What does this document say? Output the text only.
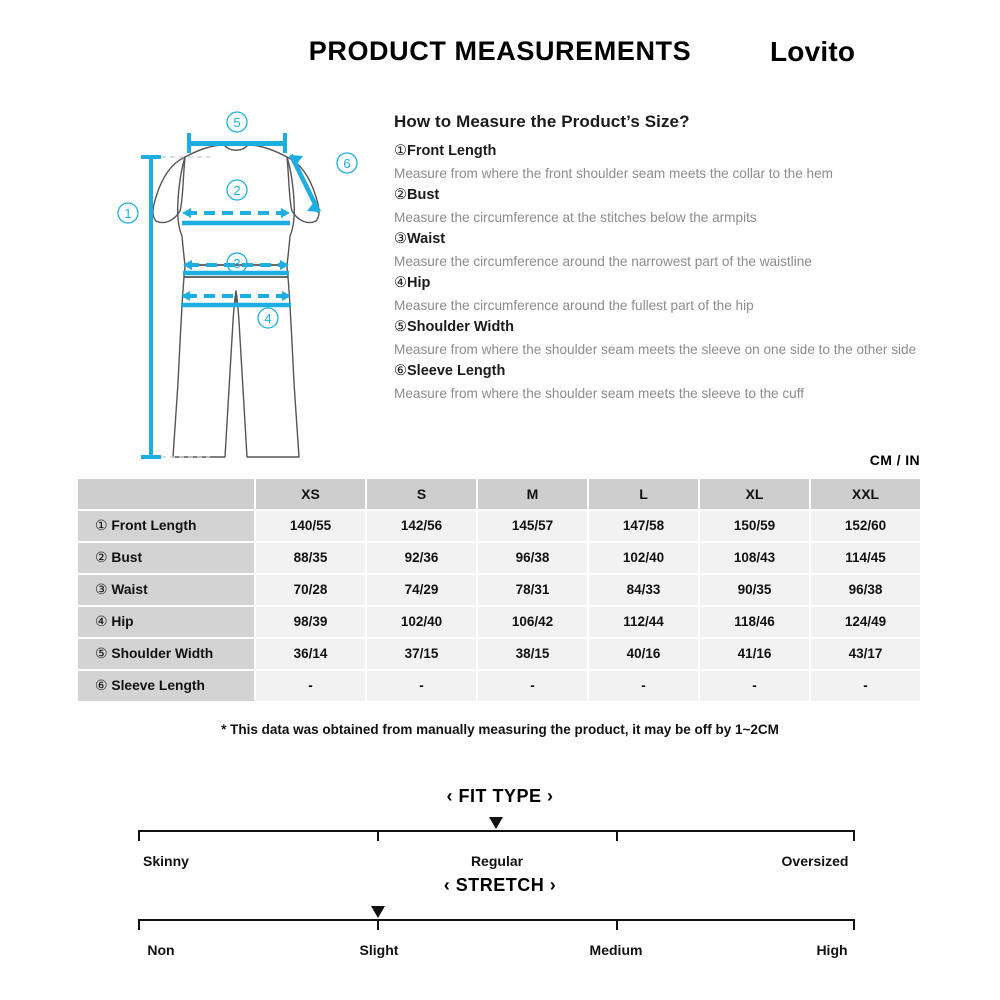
PRODUCT MEASUREMENTS	Lovito
1
2
3
4
5
6
How to Measure the Product’s Size?
①Front Length
Measure from where the front shoulder seam meets the collar to the hem
②Bust
Measure the circumference at the stitches below the armpits
③Waist
Measure the circumference around the narrowest part of the waistline
④Hip
Measure the circumference around the fullest part of the hip
⑤Shoulder Width
Measure from where the shoulder seam meets the sleeve on one side to the other side
⑥Sleeve Length
Measure from where the shoulder seam meets the sleeve to the cuff
CM / IN
XS	S	M	L	XL	XXL
① Front Length	140/55	142/56	145/57	147/58	150/59	152/60
② Bust	88/35	92/36	96/38	102/40	108/43	114/45
③ Waist	70/28	74/29	78/31	84/33	90/35	96/38
④ Hip	98/39	102/40	106/42	112/44	118/46	124/49
⑤ Shoulder Width	36/14	37/15	38/15	40/16	41/16	43/17
⑥ Sleeve Length	-	-	-	-	-	-
* This data was obtained from manually measuring the product, it may be off by 1~2CM
‹ FIT TYPE ›
Skinny	Regular	Oversized
‹ STRETCH ›
Non	Slight	Medium	High
